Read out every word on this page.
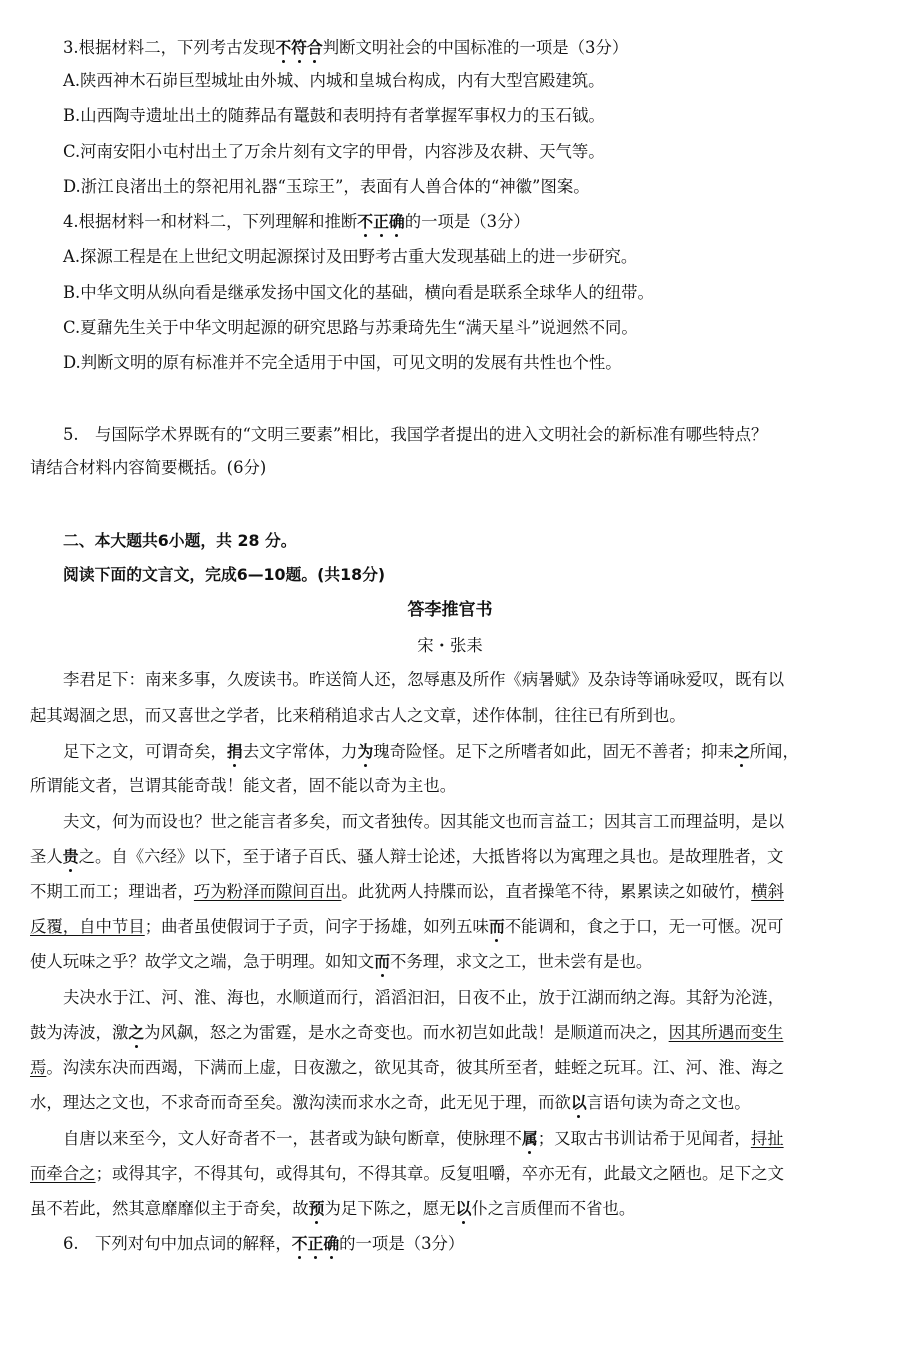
3.根据材料二，下列考古发现不符合判断文明社会的中国标准的一项是（3分）
A.陕西神木石峁巨型城址由外城、内城和皇城台构成，内有大型宫殿建筑。
B.山西陶寺遗址出土的随葬品有鼍鼓和表明持有者掌握军事权力的玉石钺。
C.河南安阳小屯村出土了万余片刻有文字的甲骨，内容涉及农耕、天气等。
D.浙江良渚出土的祭祀用礼器“玉琮王”，表面有人兽合体的“神徽”图案。
4.根据材料一和材料二，下列理解和推断不正确的一项是（3分）
A.探源工程是在上世纪文明起源探讨及田野考古重大发现基础上的进一步研究。
B.中华文明从纵向看是继承发扬中国文化的基础，横向看是联系全球华人的纽带。
C.夏鼐先生关于中华文明起源的研究思路与苏秉琦先生“满天星斗”说迥然不同。
D.判断文明的原有标准并不完全适用于中国，可见文明的发展有共性也个性。
5.　与国际学术界既有的“文明三要素”相比，我国学者提出的进入文明社会的新标准有哪些特点？
请结合材料内容简要概括。(6分)
二、本大题共6小题，共 28 分。
阅读下面的文言文，完成6—10题。(共18分)
答李推官书
宋・张耒
李君足下：南来多事，久废读书。昨送简人还，忽辱惠及所作《病暑赋》及杂诗等诵咏爱叹，既有以
起其竭涸之思，而又喜世之学者，比来稍稍追求古人之文章，述作体制，往往已有所到也。
足下之文，可谓奇矣，捐去文字常体，力为瑰奇险怪。足下之所嗜者如此，固无不善者；抑耒之所闻，
所谓能文者，岂谓其能奇哉！能文者，固不能以奇为主也。
夫文，何为而设也？世之能言者多矣，而文者独传。因其能文也而言益工；因其言工而理益明，是以
圣人贵之。自《六经》以下，至于诸子百氏、骚人辩士论述，大抵皆将以为寓理之具也。是故理胜者，文
不期工而工；理诎者，巧为粉泽而隙间百出。此犹两人持牒而讼，直者操笔不待，累累读之如破竹，横斜
反覆，自中节目；曲者虽使假词于子贡，问字于扬雄，如列五味而不能调和，食之于口，无一可惬。况可
使人玩味之乎？故学文之端，急于明理。如知文而不务理，求文之工，世未尝有是也。
夫决水于江、河、淮、海也，水顺道而行，滔滔汩汩，日夜不止，放于江湖而纳之海。其舒为沦涟，
鼓为涛波，激之为风飙，怒之为雷霆，是水之奇变也。而水初岂如此哉！是顺道而决之，因其所遇而变生
焉。沟渎东决而西竭，下满而上虚，日夜激之，欲见其奇，彼其所至者，蛙蛭之玩耳。江、河、淮、海之
水，理达之文也，不求奇而奇至矣。激沟渎而求水之奇，此无见于理，而欲以言语句读为奇之文也。
自唐以来至今，文人好奇者不一，甚者或为缺句断章，使脉理不属；又取古书训诂希于见闻者，挦扯
而牵合之；或得其字，不得其句，或得其句，不得其章。反复咀嚼，卒亦无有，此最文之陋也。足下之文
虽不若此，然其意靡靡似主于奇矣，故预为足下陈之，愿无以仆之言质俚而不省也。
6.　下列对句中加点词的解释，不正确的一项是（3分）
